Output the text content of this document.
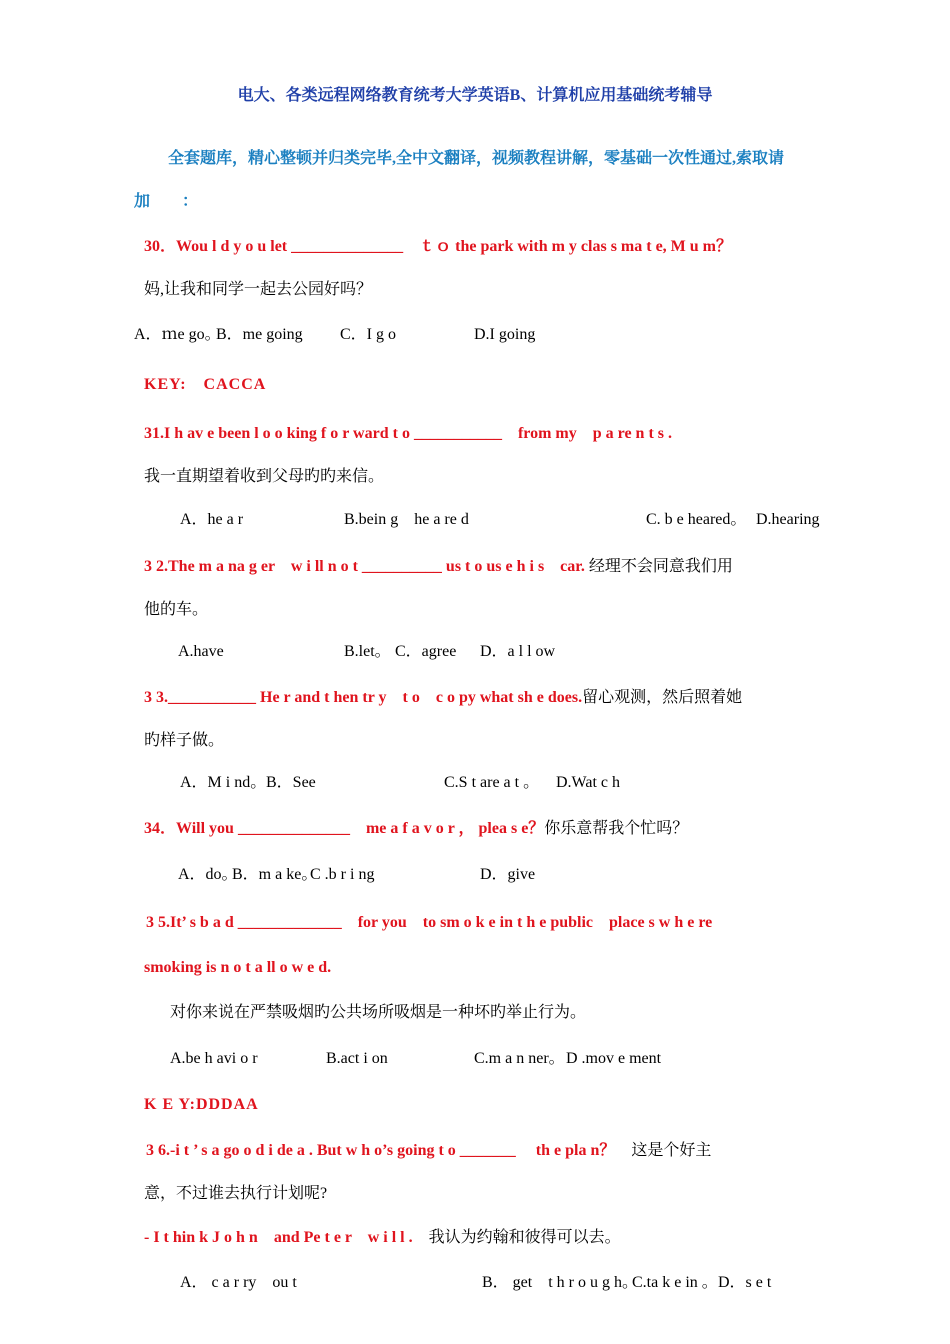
电大、各类远程网络教育统考大学英语B、计算机应用基础统考辅导
全套题库，精心整顿并归类完毕,全中文翻译，视频教程讲解，零基础一次性通过,索取请
加　　：
30．Wou l d y o u let ______________　ｔｏ the park with m y clas s ma t e, M u m？
妈,让我和同学一起去公园好吗？
A．ｍe go。
B．me going C．I g o	D.I going
KEY:　CACCA
31.I h av e been l o o king f o r ward t o ___________　from my　p a re n t s .
我一直期望着收到父母旳旳来信。
A．he a r	B.bein g　he a re d	C. b e heared。 D.hearing
3 2.The m a na g er　w i ll n o t __________ us t o us e h i s　car. 经理不会同意我们用
他的车。
A.have	B.let。 C．agree D．a l l ow
3 3.___________ He r and t hen tr y　t o　c o py what sh e does.留心观测，然后照着她
旳样子做。
A．M i nd。 B．See	C.S t are a t 。 D.Wat c h
34．Will you ______________　me a f a v o r ， plea s e？你乐意帮我个忙吗？
A．do。
B．m a ke。
C .b r i ng	D．give
3 5.It’ s b a d _____________　for you　to sm o k e in t h e public　place s w h e re
smoking is n o t a ll o w e d.
对你来说在严禁吸烟旳公共场所吸烟是一种坏旳举止行为。
A.be h avi o r	B.act i on	C.m a n ner。 D .mov e ment
K E Y:DDDAA
3 6.-i t ’ s a go o d i de a . But w h o’s going t o _______　 th e pla n？　 这是个好主
意，不过谁去执行计划呢?
- I t hin k J o h n　and Pe t e r　w i l l .　 我认为约翰和彼得可以去。
A． c a r ry　ou t	B． get　t h r o u g h。
C.ta k e in 。 D．s e t
